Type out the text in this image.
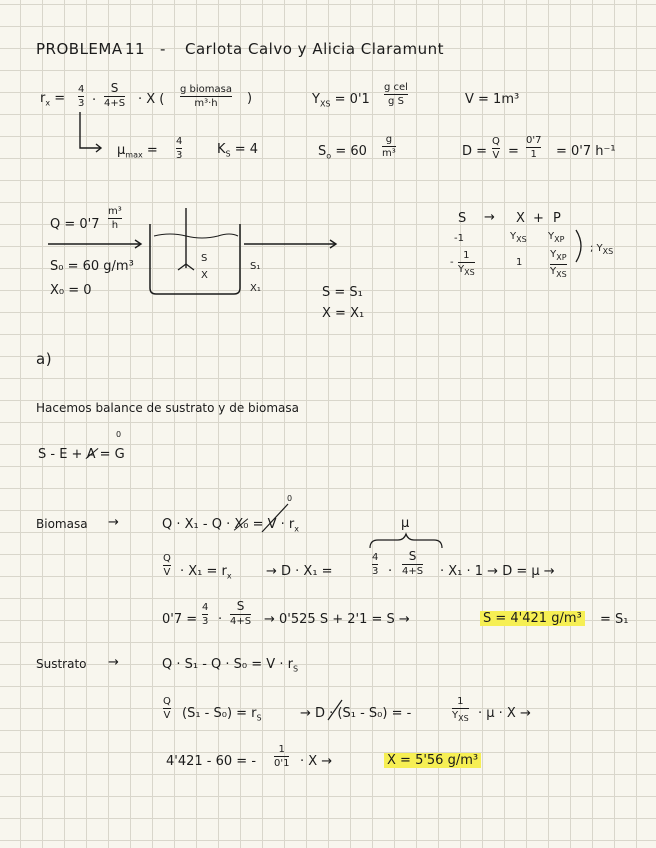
PROBLEMA 11 - Carlota Calvo y Alicia Claramunt
$r_x$ =
4
3 ·
S
4+S · X (
g biomasa
m³·h )	$Y_{XS} = 0'1$
g cel
g S	V = 1m³
$\mu_{max}$ =
4
3	$K_S = 4$	$S_o = 60$
g
m³	D =
Q
V =
0'7
1 = 0'7 h⁻¹
Q = 0'7
m³
h
S₀ = 60 g/m³
X₀ = 0
S
X
S₁
X₁	S = S₁
X = X₁
S → X + P
-1	$Y_{XS}$ $Y_{XP}$
; $Y_{XS}$
-
1
$Y_{XS}$
1
$Y_{XP}$
$Y_{XS}$
a)
Hacemos balance de sustrato y de biomasa
S - E + A = G
0
Biomasa →	$Q \cdot X_1 - Q \cdot X_0 = V \cdot r_x$
0
Q
$V \cdot X_1 = r_x$	→ D · X₁ =
μ
4
3 ·
S
4+S · X₁ · 1 → D = μ →
0'7 =
4
3 ·
S
4+S → 0'525 S + 2'1 = S →	S = 4'421 g/m³ = S₁
Sustrato →	$Q \cdot S_1 - Q \cdot S_0 = V \cdot r_S$
Q
V $(S_1 - S_0) = r_S$	→ D · (S₁ - S₀) = -
1
$Y_{XS} \cdot \mu \cdot X$ →
4'421 - 60 = -
1
0'1 · X →	X = 5'56 g/m³
